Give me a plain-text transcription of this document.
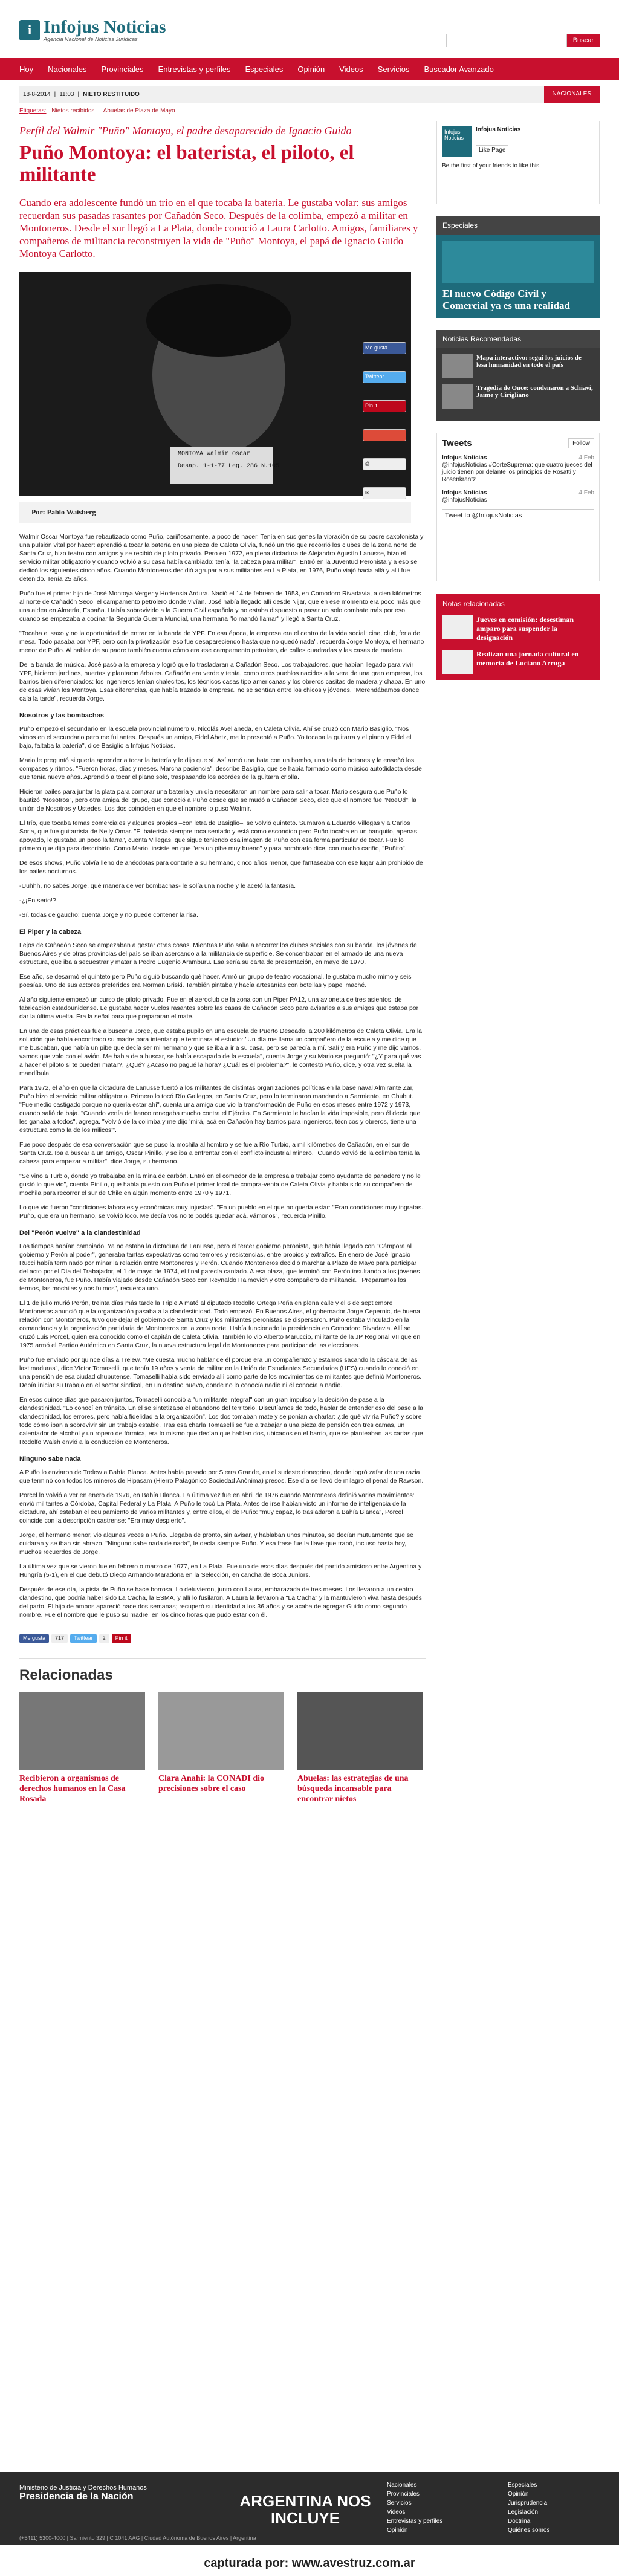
i Infojus Noticias
Agencia Nacional de Noticias Jurídicas	Buscar
Hoy Nacionales Provinciales Entrevistas y perfiles Especiales Opinión Videos Servicios Buscador Avanzado
18-8-2014 | 11:03 | NIETO RESTITUIDO	NACIONALES
Etiquetas: Nietos recibidos | Abuelas de Plaza de Mayo
Perfil del Walmir "Puño" Montoya, el padre desaparecido de Ignacio Guido
Puño Montoya: el baterista, el piloto, el militante
Cuando era adolescente fundó un trío en el que tocaba la batería. Le gustaba volar: sus amigos recuerdan sus pasadas rasantes por Cañadón Seco. Después de la colimba, empezó a militar en Montoneros. Desde el sur llegó a La Plata, donde conoció a Laura Carlotto. Amigos, familiares y compañeros de militancia reconstruyen la vida de "Puño" Montoya, el papá de Ignacio Guido Montoya Carlotto.
MONTOYA Walmir Oscar
Desap. 1-1-77 Leg. 286 N.105
Por: Pablo Waisberg

Walmir Oscar Montoya fue rebautizado como Puño, cariñosamente, a poco de nacer. Tenía en sus genes la vibración de su padre saxofonista y una pulsión vital por hacer: aprendió a tocar la batería en una pieza de Caleta Olivia, fundó un trío que recorrió los clubes de la zona norte de Santa Cruz, hizo teatro con amigos y se recibió de piloto privado. Pero en 1972, en plena dictadura de Alejandro Agustín Lanusse, hizo el servicio militar obligatorio y cuando volvió a su casa había cambiado: tenía "la cabeza para militar". Entró en la Juventud Peronista y a eso se dedicó los siguientes cinco años. Cuando Montoneros decidió agrupar a sus militantes en La Plata, en 1976, Puño viajó hacia allá y allí fue detenido. Tenía 25 años.

Puño fue el primer hijo de José Montoya Verger y Hortensia Ardura. Nació el 14 de febrero de 1953, en Comodoro Rivadavia, a cien kilómetros al norte de Cañadón Seco, el campamento petrolero donde vivían. José había llegado allí desde Nijar, que en ese momento era poco más que una aldea en Almería, España. Había sobrevivido a la Guerra Civil española y no estaba dispuesto a pasar un solo combate más por eso, cuando se empezaba a cocinar la Segunda Guerra Mundial, una hermana "lo mandó llamar" y llegó a Santa Cruz.

"Tocaba el saxo y no la oportunidad de entrar en la banda de YPF. En esa época, la empresa era el centro de la vida social: cine, club, feria de mesa. Todo pasaba por YPF, pero con la privatización eso fue desapareciendo hasta que no quedó nada", recuerda Jorge Montoya, el hermano menor de Puño. Al hablar de su padre también cuenta cómo era ese campamento petrolero, de calles cuadradas y las casas de madera.

De la banda de música, José pasó a la empresa y logró que lo trasladaran a Cañadón Seco. Los trabajadores, que habían llegado para vivir YPF, hicieron jardines, huertas y plantaron árboles. Cañadón era verde y tenía, como otros pueblos nacidos a la vera de una gran empresa, los barrios bien diferenciados: los ingenieros tenían chalecitos, los técnicos casas tipo americanas y los obreros casitas de madera y chapa. En uno de esas vivían los Montoya. Esas diferencias, que había trazado la empresa, no se sentían entre los chicos y jóvenes. "Merendábamos donde caía la tarde", recuerda Jorge.

Nosotros y las bombachas

Puño empezó el secundario en la escuela provincial número 6, Nicolás Avellaneda, en Caleta Olivia. Ahí se cruzó con Mario Basiglio. "Nos vimos en el secundario pero me fui antes. Después un amigo, Fidel Ahetz, me lo presentó a Puño. Yo tocaba la guitarra y el piano y Fidel el bajo, faltaba la batería", dice Basiglio a Infojus Noticias.

Mario le preguntó si quería aprender a tocar la batería y le dijo que sí. Así armó una bata con un bombo, una tala de botones y le enseñó los compases y ritmos. "Fueron horas, días y meses. Marcha paciencia", describe Basiglio, que se había formado como músico autodidacta desde que tenía nueve años. Aprendió a tocar el piano solo, traspasando los acordes de la guitarra criolla.

Hicieron bailes para juntar la plata para comprar una batería y un día necesitaron un nombre para salir a tocar. Mario sesgura que Puño lo bautizó "Nosotros", pero otra amiga del grupo, que conoció a Puño desde que se mudó a Cañadón Seco, dice que el nombre fue "NoeUd": la unión de Nosotros y Ustedes. Los dos coinciden en que el nombre lo puso Walmir.

El trío, que tocaba temas comerciales y algunos propios –con letra de Basiglio–, se volvió quinteto. Sumaron a Eduardo Villegas y a Carlos Soria, que fue guitarrista de Nelly Omar. "El baterista siempre toca sentado y está como escondido pero Puño tocaba en un banquito, apenas apoyado, le gustaba un poco la farra", cuenta Villegas, que sigue teniendo esa imagen de Puño con esa forma particular de tocar. Fue lo primero que dijo para describirlo. Como Mario, insiste en que "era un pibe muy bueno" y para nombrarlo dice, con mucho cariño, "Puñito".

De esos shows, Puño volvía lleno de anécdotas para contarle a su hermano, cinco años menor, que fantaseaba con ese lugar aún prohibido de los bailes nocturnos.

-Uuhhh, no sabés Jorge, qué manera de ver bombachas- le solía una noche y le acetó la fantasía.

-¿¡En serio!?

-Sí, todas de gaucho: cuenta Jorge y no puede contener la risa.

El Piper y la cabeza

Lejos de Cañadón Seco se empezaban a gestar otras cosas. Mientras Puño salía a recorrer los clubes sociales con su banda, los jóvenes de Buenos Aires y de otras provincias del país se iban acercando a la militancia de superficie. Se concentraban en el armado de una nueva estructura, que iba a secuestrar y matar a Pedro Eugenio Aramburu. Esa sería su carta de presentación, en mayo de 1970.

Ese año, se desarmó el quinteto pero Puño siguió buscando qué hacer. Armó un grupo de teatro vocacional, le gustaba mucho mimo y seis poesías. Uno de sus actores preferidos era Norman Briski. También pintaba y hacía artesanías con botellas y papel maché.

Al año siguiente empezó un curso de piloto privado. Fue en el aeroclub de la zona con un Piper PA12, una avioneta de tres asientos, de fabricación estadounidense. Le gustaba hacer vuelos rasantes sobre las casas de Cañadón Seco para avisarles a sus amigos que estaba por dar la última vuelta. Era la señal para que prepararan el mate.

En una de esas prácticas fue a buscar a Jorge, que estaba pupilo en una escuela de Puerto Deseado, a 200 kilómetros de Caleta Olivia. Era la solución que había encontrado su madre para intentar que terminara el estudio: "Un día me llama un compañero de la escuela y me dice que me buscaban, que había un pibe que decía ser mi hermano y que se iba a ir a su casa, pero se parecía a mí. Salí y era Puño y me dijo vamos, vamos que volo con el avión. Me habla de a buscar, se había escapado de la escuela", cuenta Jorge y su Mario se preguntó: "¿Y para qué vas a hacer el piloto si te pueden matar?, ¿Qué? ¿Acaso no pagué la hora? ¿Cuál es el problema?", le contestó Puño, dice, y otra vez suelta la mandíbula.

Para 1972, el año en que la dictadura de Lanusse fuertó a los militantes de distintas organizaciones políticas en la base naval Almirante Zar, Puño hizo el servicio militar obligatorio. Primero lo tocó Río Gallegos, en Santa Cruz, pero lo terminaron mandando a Sarmiento, en Chubut. "Fue medio castigado porque no quería estar ahí", cuenta una amiga que vio la transformación de Puño en esos meses entre 1972 y 1973, cuando salió de baja. "Cuando venía de franco renegaba mucho contra el Ejército. En Sarmiento le hacían la vida imposible, pero él decía que les ganaba a todos", agrega. "Volvió de la colimba y me dijo 'mirá, acá en Cañadón hay barrios para ingenieros, técnicos y obreros, tiene una estructura como la de los milicos'".

Fue poco después de esa conversación que se puso la mochila al hombro y se fue a Río Turbio, a mil kilómetros de Cañadón, en el sur de Santa Cruz. Iba a buscar a un amigo, Oscar Pinillo, y se iba a enfrentar con el conflicto industrial minero. "Cuando volvió de la colimba tenía la cabeza para empezar a militar", dice Jorge, su hermano.

"Se vino a Turbio, donde yo trabajaba en la mina de carbón. Entró en el comedor de la empresa a trabajar como ayudante de panadero y no le gustó lo que vio", cuenta Pinillo, que había puesto con Puño el primer local de compra-venta de Caleta Olivia y había sido su compañero de mochila para recorrer el sur de Chile en algún momento entre 1970 y 1971.

Lo que vio fueron "condiciones laborales y económicas muy injustas". "En un pueblo en el que no quería estar: "Eran condiciones muy ingratas. Puño, que era un hermano, se volvió loco. Me decía vos no te podés quedar acá, vámonos", recuerda Pinillo.

Del "Perón vuelve" a la clandestinidad

Los tiempos habían cambiado. Ya no estaba la dictadura de Lanusse, pero el tercer gobierno peronista, que había llegado con "Cámpora al gobierno y Perón al poder", generaba tantas expectativas como temores y resistencias, entre propios y extraños. En enero de José Ignacio Rucci había terminado por minar la relación entre Montoneros y Perón. Cuando Montoneros decidió marchar a Plaza de Mayo para participar del acto por el Día del Trabajador, el 1 de mayo de 1974, el final parecía cantado. A esa plaza, que terminó con Perón insultando a los jóvenes de Montoneros, fue Puño. Había viajado desde Cañadón Seco con Reynaldo Haimovich y otro compañero de militancia. "Preparamos los termos, las mochilas y nos fuimos", recuerda uno.

El 1 de julio murió Perón, treinta días más tarde la Triple A mató al diputado Rodolfo Ortega Peña en plena calle y el 6 de septiembre Montoneros anunció que la organización pasaba a la clandestinidad. Todo empezó. En Buenos Aires, el gobernador Jorge Cepernic, de buena relación con Montoneros, tuvo que dejar el gobierno de Santa Cruz y los militantes peronistas se dispersaron. Puño estaba vinculado en la comandancia y la organización partidaria de Montoneros en la zona norte. Había funcionado la presidencia en Comodoro Rivadavia. Allí se cruzó Luis Porcel, quien era conocido como el capitán de Caleta Olivia. También lo vio Alberto Maruccio, militante de la JP Regional VII que en 1975 armó el Partido Auténtico en Santa Cruz, la nueva estructura legal de Montoneros para participar de las elecciones.

Puño fue enviado por quince días a Trelew. "Me cuesta mucho hablar de él porque era un compañerazo y estamos sacando la cáscara de las lastimaduras", dice Víctor Tomaselli, que tenía 19 años y venía de militar en la Unión de Estudiantes Secundarios (UES) cuando lo conoció en una pensión de esa ciudad chubutense. Tomaselli había sido enviado allí como parte de los movimientos de militantes que definió Montoneros. Debía iniciar su trabajo en el sector sindical, en un destino nuevo, donde no lo conocía nadie ni él conocía a nadie.

En esos quince días que pasaron juntos, Tomaselli conoció a "un militante integral" con un gran impulso y la decisión de pase a la clandestinidad. "Lo conocí en tránsito. En él se sintetizaba el abandono del territorio. Discutíamos de todo, hablar de entender eso del pase a la clandestinidad, los errores, pero había fidelidad a la organización". Los dos tomaban mate y se ponían a charlar: ¿de qué viviría Puño? y sobre todo cómo iban a sobrevivir sin un trabajo estable. Tras esa charla Tomaselli se fue a trabajar a una pieza de pensión con tres camas, un calentador de alcohol y un ropero de fórmica, era lo mismo que decían que habían dos, ubicados en el barrio, que se planteaban las cartas que Rodolfo Walsh envió a la conducción de Montoneros.

Ninguno sabe nada

A Puño lo enviaron de Trelew a Bahía Blanca. Antes había pasado por Sierra Grande, en el sudeste rionegrino, donde logró zafar de una razia que terminó con todos los mineros de Hipasam (Hierro Patagónico Sociedad Anónima) presos. Ese día se llevó de milagro el penal de Rawson.

Porcel lo volvió a ver en enero de 1976, en Bahía Blanca. La última vez fue en abril de 1976 cuando Montoneros definió varias movimientos: envió militantes a Córdoba, Capital Federal y La Plata. A Puño le tocó La Plata. Antes de irse habían visto un informe de inteligencia de la dictadura, ahí estaban el equipamiento de varios militantes y, entre ellos, el de Puño: "muy capaz, lo trasladaron a Bahía Blanca", Porcel coincide con la descripción castrense: "Era muy despierto".

Jorge, el hermano menor, vio algunas veces a Puño. Llegaba de pronto, sin avisar, y hablaban unos minutos, se decían mutuamente que se cuidaran y se iban sin abrazo. "Ninguno sabe nada de nada", le decía siempre Puño. Y esa frase fue la llave que trabó, incluso hasta hoy, muchos recuerdos de Jorge.

La última vez que se vieron fue en febrero o marzo de 1977, en La Plata. Fue uno de esos días después del partido amistoso entre Argentina y Hungría (5-1), en el que debutó Diego Armando Maradona en la Selección, en cancha de Boca Juniors.

Después de ese día, la pista de Puño se hace borrosa. Lo detuvieron, junto con Laura, embarazada de tres meses. Los llevaron a un centro clandestino, que podría haber sido La Cacha, la ESMA, y allí lo fusilaron. A Laura la llevaron a "La Cacha" y la mantuvieron viva hasta después del parto. El hijo de ambos apareció hace dos semanas; recuperó su identidad a los 36 años y se acaba de agregar Guido como segundo nombre. Fue el nombre que le puso su madre, en los cinco horas que pudo estar con él.

Me gusta	717	Twittear	2	Pin it
Relacionadas
Recibieron a organismos de derechos humanos en la Casa Rosada
Clara Anahí: la CONADI dio precisiones sobre el caso
Abuelas: las estrategias de una búsqueda incansable para encontrar nietos
Me gusta
Twittear
Pin it
⎙
✉
Infojus Noticias
Infojus Noticias
Like Page
Be the first of your friends to like this
Especiales
El nuevo Código Civil y Comercial ya es una realidad
Noticias Recomendadas
Mapa interactivo: seguí los juicios de lesa humanidad en todo el país
Tragedia de Once: condenaron a Schiavi, Jaime y Cirigliano
Tweets	Follow
Infojus Noticias	4 Feb
@infojusNoticias #CorteSuprema: que cuatro jueces del juicio tienen por delante los principios de Rosatti y Rosenkrantz
Infojus Noticias	4 Feb
@infojusNoticias
Tweet to @InfojusNoticias
Notas relacionadas
Jueves en comisión: desestiman amparo para suspender la designación
Realizan una jornada cultural en memoria de Luciano Arruga
Ministerio de Justicia y Derechos Humanos
Presidencia de la Nación	ARGENTINA NOS INCLUYE
Nacionales
Provinciales
Servicios
Videos
Entrevistas y perfiles
Opinión
Especiales
Opinión
Jurisprudencia
Legislación
Doctrina
Quiénes somos
(+5411) 5300-4000 | Sarmiento 329 | C 1041 AAG | Ciudad Autónoma de Buenos Aires | Argentina
capturada por: www.avestruz.com.ar
